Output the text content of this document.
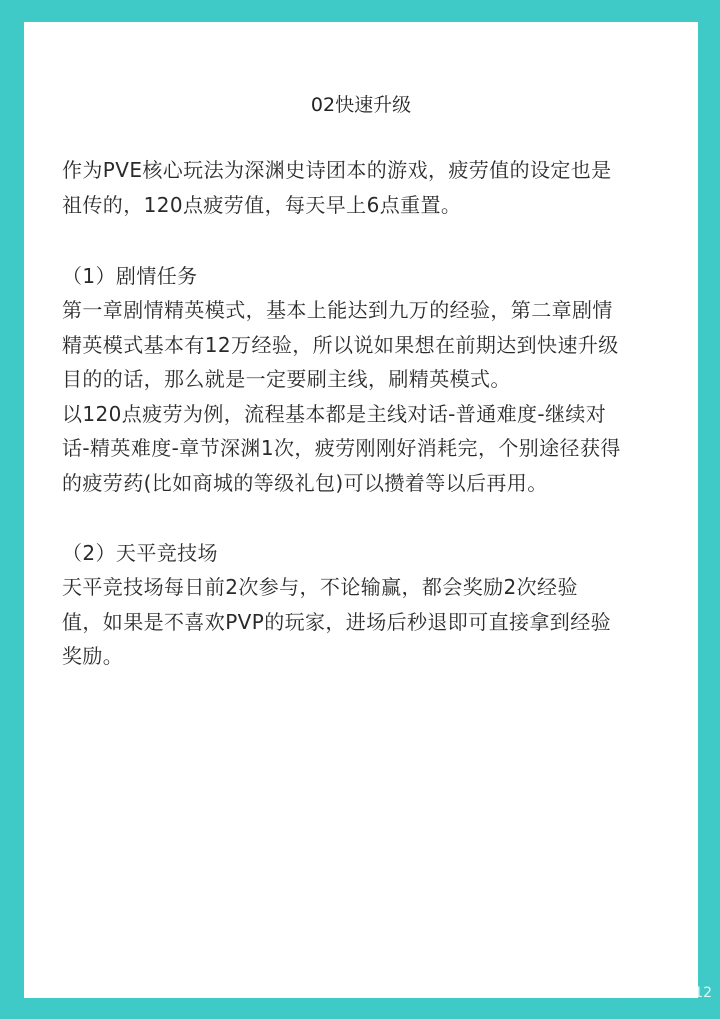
02快速升级
作为PVE核心玩法为深渊史诗团本的游戏，疲劳值的设定也是
祖传的，120点疲劳值，每天早上6点重置。
（1）剧情任务
第一章剧情精英模式，基本上能达到九万的经验，第二章剧情
精英模式基本有12万经验，所以说如果想在前期达到快速升级
目的的话，那么就是一定要刷主线，刷精英模式。
以120点疲劳为例，流程基本都是主线对话-普通难度-继续对
话-精英难度-章节深渊1次，疲劳刚刚好消耗完，个别途径获得
的疲劳药(比如商城的等级礼包)可以攒着等以后再用。
（2）天平竞技场
天平竞技场每日前2次参与，不论输赢，都会奖励2次经验
值，如果是不喜欢PVP的玩家，进场后秒退即可直接拿到经验
奖励。
小红书
小红书号: 6941955312
